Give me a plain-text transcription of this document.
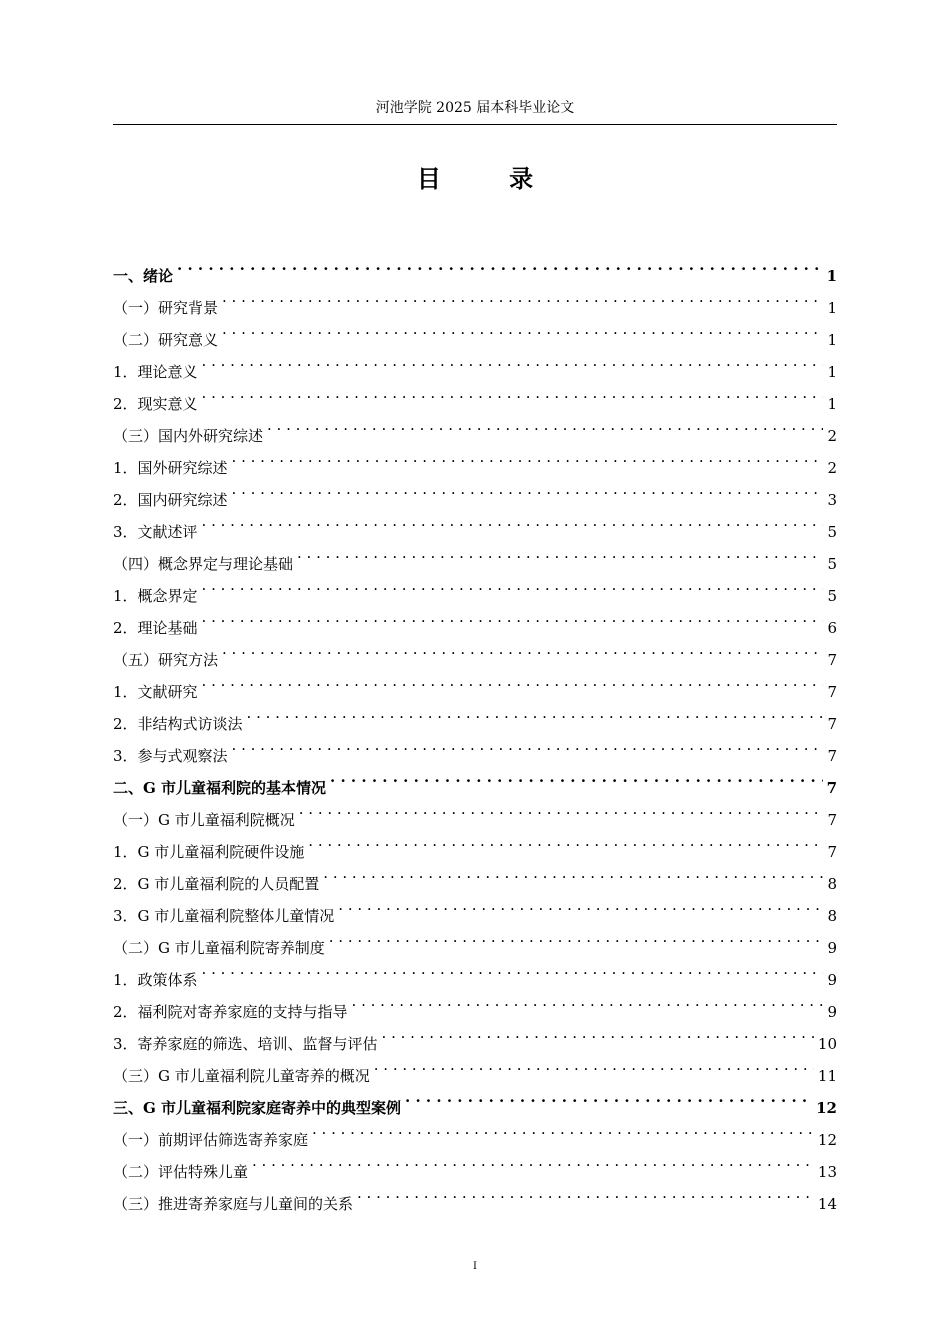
河池学院 2025 届本科毕业论文
目 录
一、绪论 . . .	1
（一）研究背景 . . .	1
（二）研究意义 . . .	1
1．理论意义 . . .	1
2．现实意义 . . .	1
（三）国内外研究综述 . . .	2
1．国外研究综述 . . .	2
2．国内研究综述 . . .	3
3．文献述评 . . .	5
（四）概念界定与理论基础 . . .	5
1．概念界定 . . .	5
2．理论基础 . . .	6
（五）研究方法 . . .	7
1．文献研究 . . .	7
2．非结构式访谈法 . . .	7
3．参与式观察法 . . .	7
二、G 市儿童福利院的基本情况 . . .	7
（一）G 市儿童福利院概况 . . .	7
1．G 市儿童福利院硬件设施 . . .	7
2．G 市儿童福利院的人员配置 . . .	8
3．G 市儿童福利院整体儿童情况 . . .	8
（二）G 市儿童福利院寄养制度 . . .	9
1．政策体系 . . .	9
2．福利院对寄养家庭的支持与指导 . . .	9
3．寄养家庭的筛选、培训、监督与评估 . . .	10
（三）G 市儿童福利院儿童寄养的概况 . . .	11
三、G 市儿童福利院家庭寄养中的典型案例 . . .	12
（一）前期评估筛选寄养家庭 . . .	12
（二）评估特殊儿童 . . .	13
（三）推进寄养家庭与儿童间的关系 . . .	14
I
